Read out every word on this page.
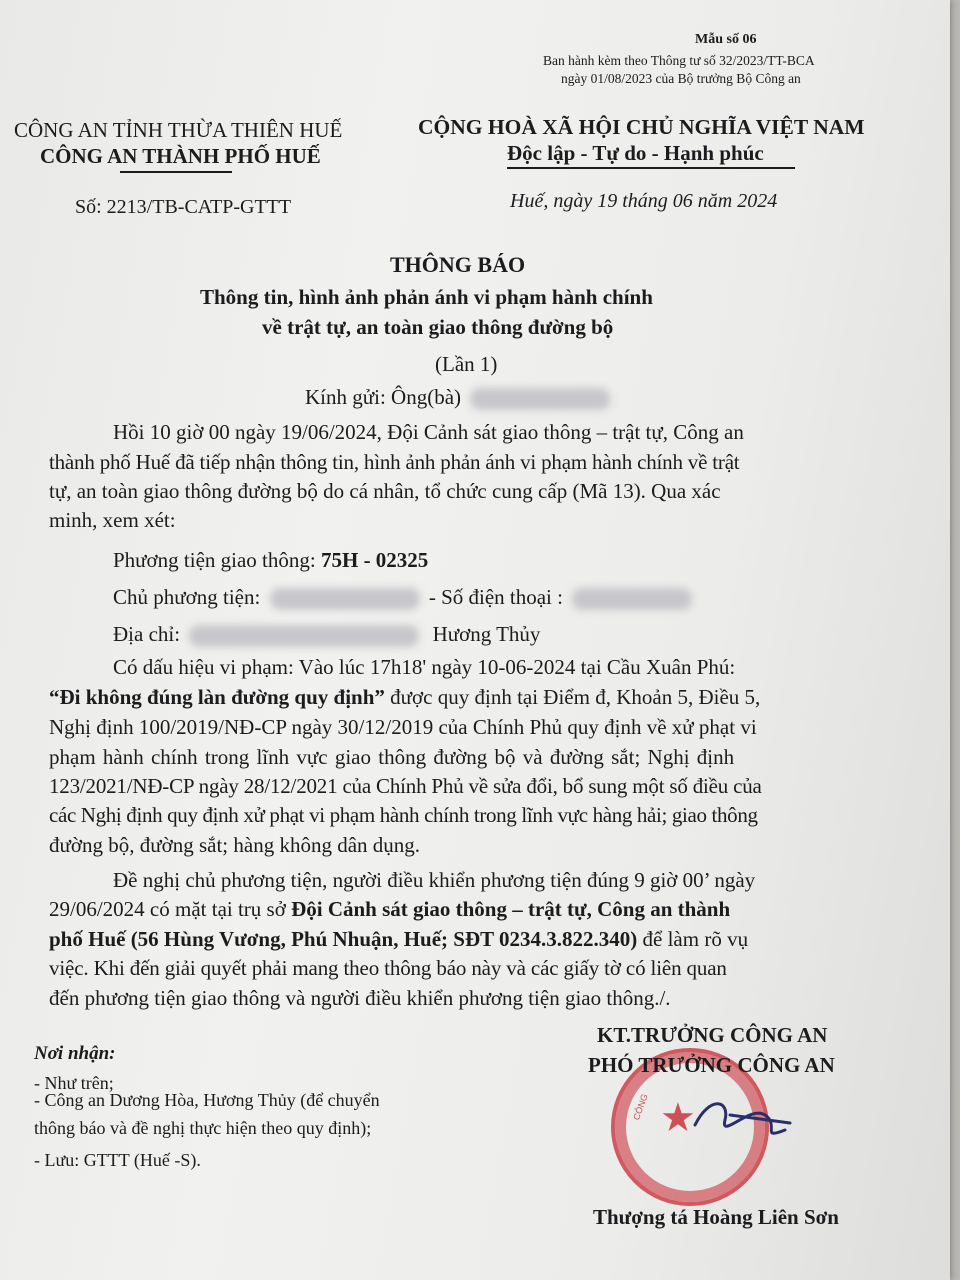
Mẫu số 06
Ban hành kèm theo Thông tư số 32/2023/TT-BCA
ngày 01/08/2023 của Bộ trưởng Bộ Công an
CÔNG AN TỈNH THỪA THIÊN HUẾ
CÔNG AN THÀNH PHỐ HUẾ
Số: 2213/TB-CATP-GTTT
CỘNG HOÀ XÃ HỘI CHỦ NGHĨA VIỆT NAM
Độc lập - Tự do - Hạnh phúc
Huế, ngày 19 tháng 06 năm 2024
THÔNG BÁO
Thông tin, hình ảnh phản ánh vi phạm hành chính
về trật tự, an toàn giao thông đường bộ
(Lần 1)
Kính gửi: Ông(bà)
Hồi 10 giờ 00 ngày 19/06/2024, Đội Cảnh sát giao thông – trật tự, Công an
thành phố Huế đã tiếp nhận thông tin, hình ảnh phản ánh vi phạm hành chính về trật
tự, an toàn giao thông đường bộ do cá nhân, tổ chức cung cấp (Mã 13). Qua xác
minh, xem xét:
Phương tiện giao thông: 75H - 02325
Chủ phương tiện:	- Số điện thoại :
Địa chỉ:	Hương Thủy
Có dấu hiệu vi phạm: Vào lúc 17h18' ngày 10-06-2024 tại Cầu Xuân Phú:
“Đi không đúng làn đường quy định” được quy định tại Điểm đ, Khoản 5, Điều 5,
Nghị định 100/2019/NĐ-CP ngày 30/12/2019 của Chính Phủ quy định về xử phạt vi
phạm hành chính trong lĩnh vực giao thông đường bộ và đường sắt; Nghị định
123/2021/NĐ-CP ngày 28/12/2021 của Chính Phủ về sửa đổi, bổ sung một số điều của
các Nghị định quy định xử phạt vi phạm hành chính trong lĩnh vực hàng hải; giao thông
đường bộ, đường sắt; hàng không dân dụng.
Đề nghị chủ phương tiện, người điều khiển phương tiện đúng 9 giờ 00’ ngày
29/06/2024 có mặt tại trụ sở Đội Cảnh sát giao thông – trật tự, Công an thành
phố Huế (56 Hùng Vương, Phú Nhuận, Huế; SĐT 0234.3.822.340) để làm rõ vụ
việc. Khi đến giải quyết phải mang theo thông báo này và các giấy tờ có liên quan
đến phương tiện giao thông và người điều khiển phương tiện giao thông./.
Nơi nhận:
- Như trên;
- Công an Dương Hòa, Hương Thủy (để chuyển
thông báo và đề nghị thực hiện theo quy định);
- Lưu: GTTT (Huế -S).
★
CÔNG
KT.TRƯỞNG CÔNG AN
PHÓ TRƯỞNG CÔNG AN
Thượng tá Hoàng Liên Sơn
